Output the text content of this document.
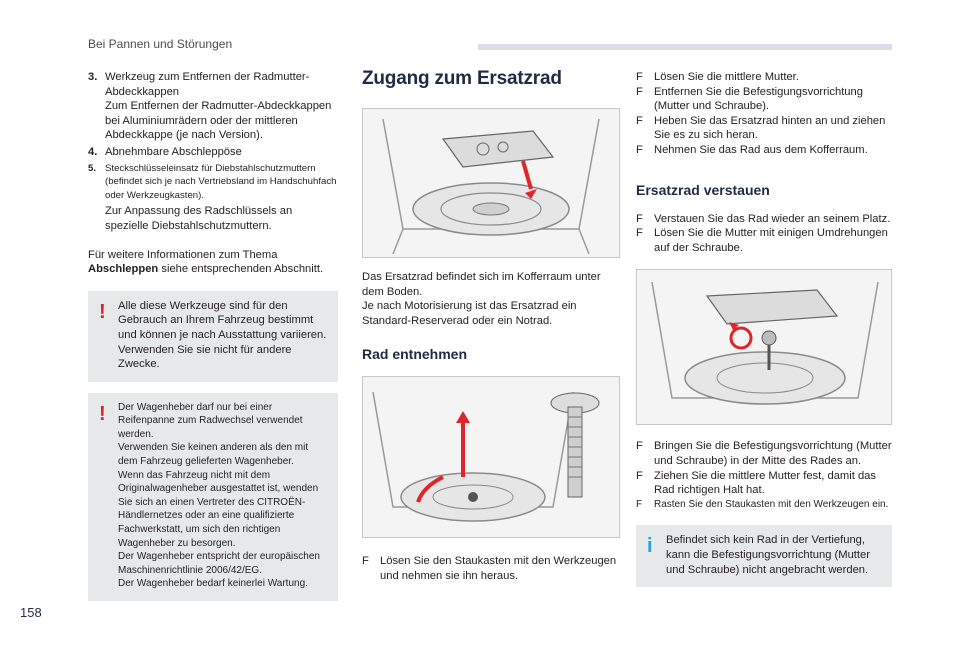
Bei Pannen und Störungen
3. Werkzeug zum Entfernen der Radmutter-
Abdeckkappen
Zum Entfernen der Radmutter-Abdeckkappen bei Aluminiumrädern oder der mittleren Abdeckkappe (je nach Version).
4. Abnehmbare Abschleppöse
5. Steckschlüsseleinsatz für Diebstahlschutzmuttern (befindet sich je nach Vertriebsland im Handschuhfach oder Werkzeugkasten).
Zur Anpassung des Radschlüssels an spezielle Diebstahlschutzmuttern.

Für weitere Informationen zum Thema
Abschleppen siehe entsprechenden Abschnitt.

! Alle diese Werkzeuge sind für den Gebrauch an Ihrem Fahrzeug bestimmt und können je nach Ausstattung variieren.
Verwenden Sie sie nicht für andere Zwecke.
! Der Wagenheber darf nur bei einer Reifenpanne zum Radwechsel verwendet werden.
Verwenden Sie keinen anderen als den mit dem Fahrzeug gelieferten Wagenheber.
Wenn das Fahrzeug nicht mit dem Originalwagenheber ausgestattet ist, wenden Sie sich an einen Vertreter des CITROËN-Händlernetzes oder an eine qualifizierte Fachwerkstatt, um sich den richtigen Wagenheber zu besorgen.
Der Wagenheber entspricht der europäischen Maschinenrichtlinie 2006/42/EG.
Der Wagenheber bedarf keinerlei Wartung.
Zugang zum Ersatzrad

Das Ersatzrad befindet sich im Kofferraum unter dem Boden.
Je nach Motorisierung ist das Ersatzrad ein Standard-Reserverad oder ein Notrad.

Rad entnehmen
F Lösen Sie den Staukasten mit den Werkzeugen und nehmen sie ihn heraus.
F Lösen Sie die mittlere Mutter.
F Entfernen Sie die Befestigungsvorrichtung (Mutter und Schraube).
F Heben Sie das Ersatzrad hinten an und ziehen Sie es zu sich heran.
F Nehmen Sie das Rad aus dem Kofferraum.
Ersatzrad verstauen
F Verstauen Sie das Rad wieder an seinem Platz.
F Lösen Sie die Mutter mit einigen Umdrehungen auf der Schraube.
F Bringen Sie die Befestigungsvorrichtung (Mutter und Schraube) in der Mitte des Rades an.
F Ziehen Sie die mittlere Mutter fest, damit das Rad richtigen Halt hat.
F	Rasten Sie den Staukasten mit den Werkzeugen ein.
i Befindet sich kein Rad in der Vertiefung, kann die Befestigungsvorrichtung (Mutter und Schraube) nicht angebracht werden.
158
